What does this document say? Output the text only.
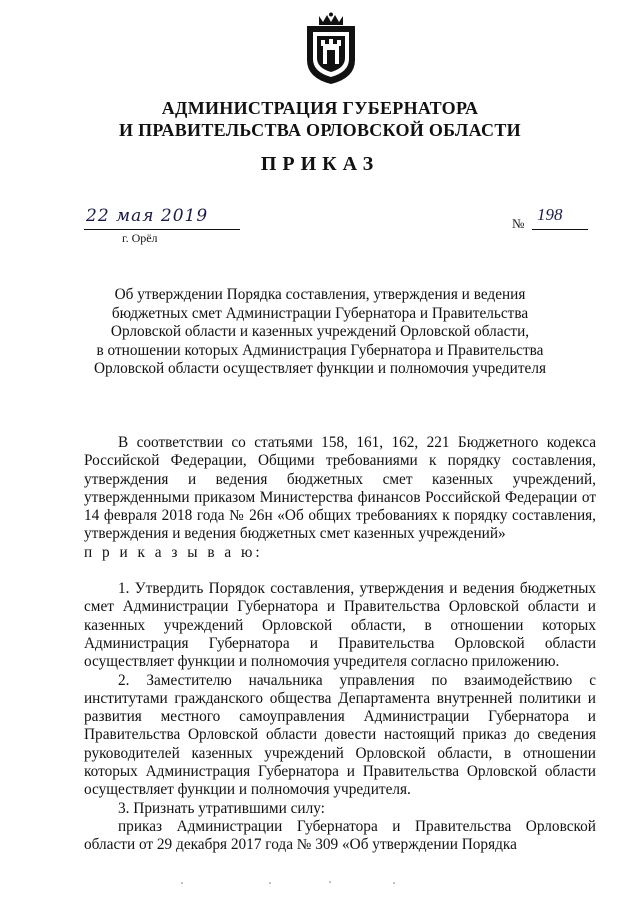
АДМИНИСТРАЦИЯ ГУБЕРНАТОРА
И ПРАВИТЕЛЬСТВА ОРЛОВСКОЙ ОБЛАСТИ
ПРИКАЗ
22 мая 2019
г. Орёл
№ 198
Об утверждении Порядка составления, утверждения и ведения
бюджетных смет Администрации Губернатора и Правительства
Орловской области и казенных учреждений Орловской области,
в отношении которых Администрация Губернатора и Правительства
Орловской области осуществляет функции и полномочия учредителя

В соответствии со статьями 158, 161, 162, 221 Бюджетного кодекса Российской Федерации, Общими требованиями к порядку составления, утверждения и ведения бюджетных смет казенных учреждений, утвержденными приказом Министерства финансов Российской Федерации от 14 февраля 2018 года № 26н «Об общих требованиях к порядку составления, утверждения и ведения бюджетных смет казенных учреждений»

п р и к а з ы в а ю:

1. Утвердить Порядок составления, утверждения и ведения бюджетных смет Администрации Губернатора и Правительства Орловской области и казенных учреждений Орловской области, в отношении которых Администрация Губернатора и Правительства Орловской области осуществляет функции и полномочия учредителя согласно приложению.

2. Заместителю начальника управления по взаимодействию с институтами гражданского общества Департамента внутренней политики и развития местного самоуправления Администрации Губернатора и Правительства Орловской области довести настоящий приказ до сведения руководителей казенных учреждений Орловской области, в отношении которых Администрация Губернатора и Правительства Орловской области осуществляет функции и полномочия учредителя.

3. Признать утратившими силу:

приказ Администрации Губернатора и Правительства Орловской области от 29 декабря 2017 года № 309 «Об утверждении Порядка
